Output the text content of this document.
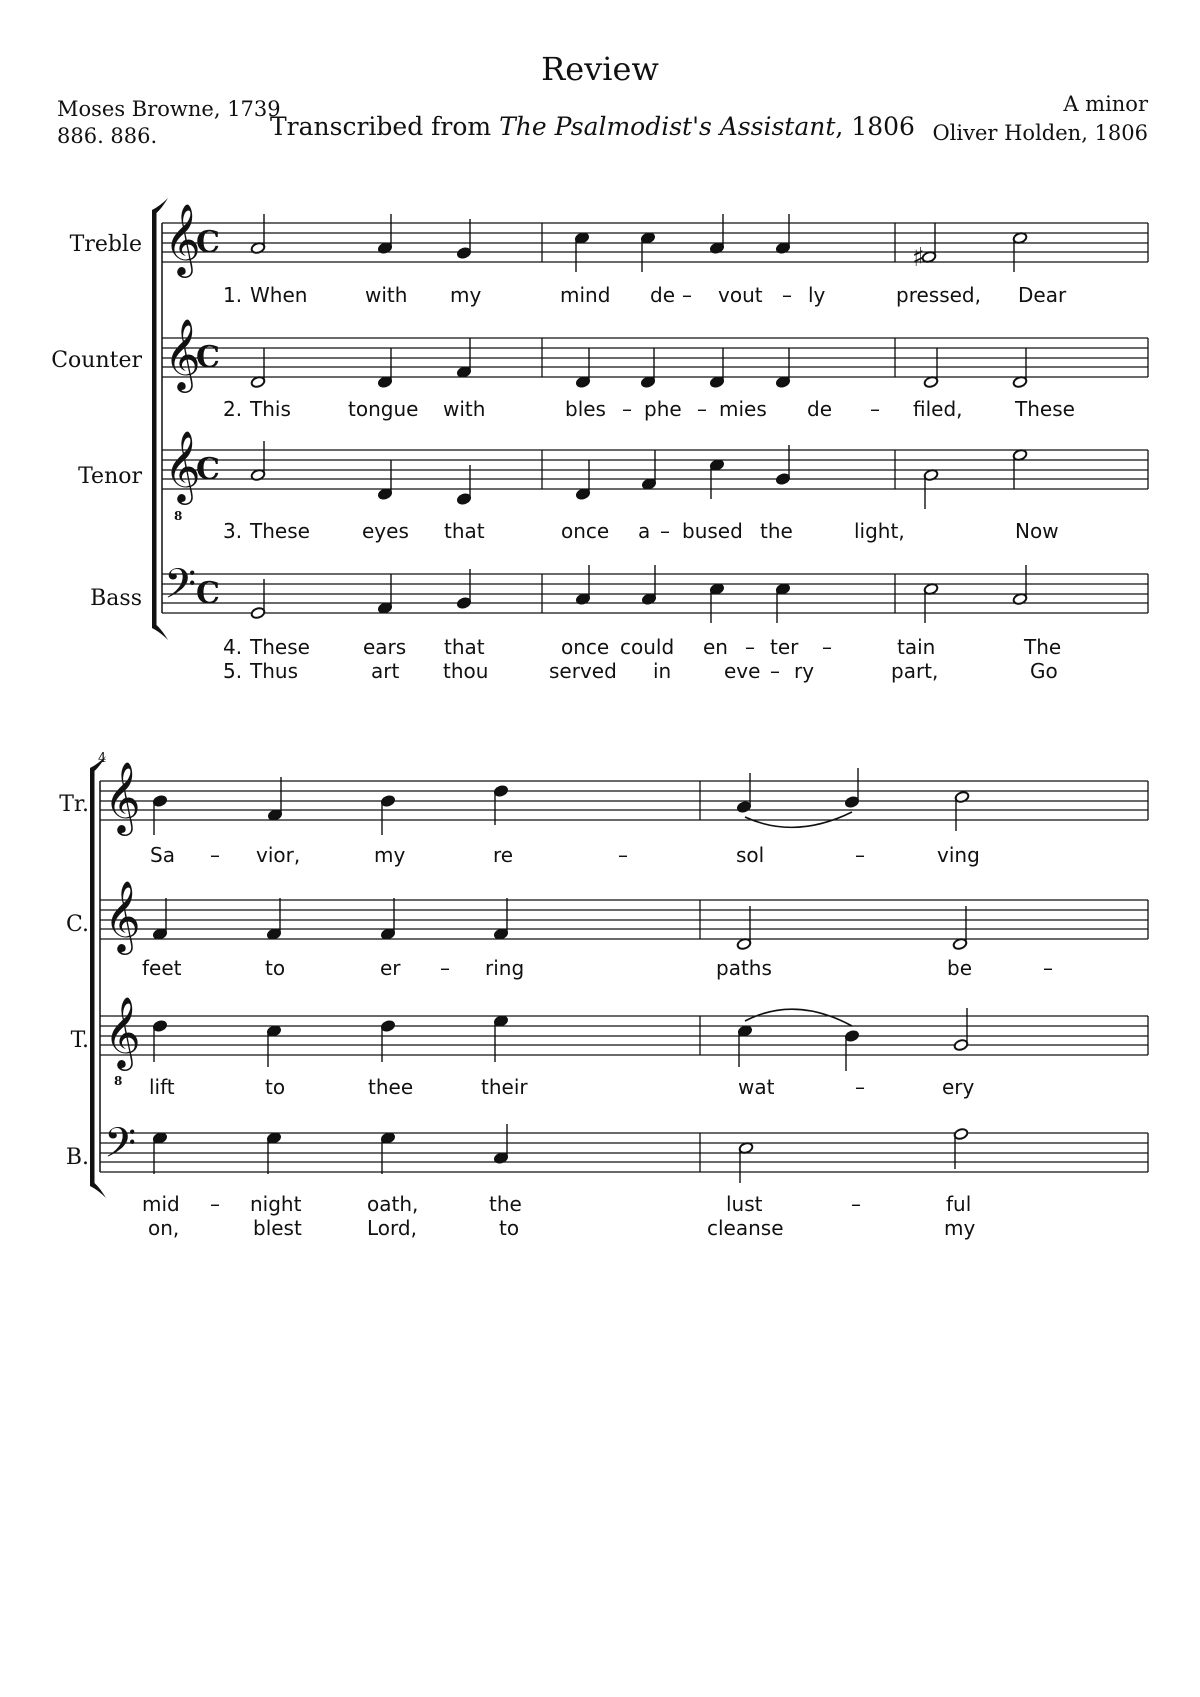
Review
Moses Browne, 1739
886. 886.	Transcribed from The Psalmodist's Assistant, 1806
A minor
Oliver Holden, 1806
𝄞
𝄞
𝄞
8
𝄢
C
C
C
C
𝄞
𝄞
𝄞
8
𝄢
♯
4
Treble
Counter
Tenor
Bass
Tr.
C.
T.
B.
1. When	with my	mind de – vout – ly	pressed, Dear
2. This	tongue with	bles – phe – mies de – filed,	These
3. These	eyes that	once a – bused the	light,	Now
4. These	ears that	once could en – ter –	tain	The
5. Thus	art thou	served in	eve – ry	part,	Go
Sa – vior,	my	re	–	sol	–	ving
feet	to	er – ring	paths	be	–
lift	to	thee	their	wat	–	ery
mid – night	oath,	the	lust	–	ful
on,	blest	Lord,	to	cleanse	my
